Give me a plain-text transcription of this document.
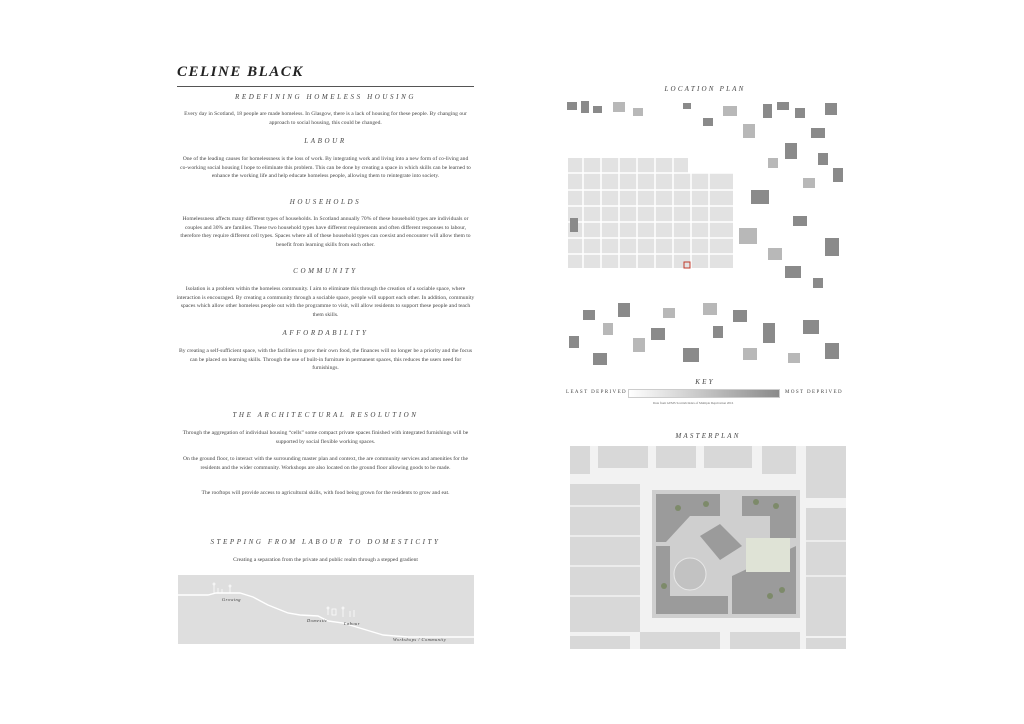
CELINE BLACK
REDEFINING HOMELESS HOUSING
Every day in Scotland, 18 people are made homeless. In Glasgow, there is a lack of housing for these people. By changing our approach to social housing, this could be changed.
LABOUR
One of the leading causes for homelessness is the loss of work. By integrating work and living into a new form of co-living and co-working social housing I hope to eliminate this problem. This can be done by creating a space in which skills can be learned to enhance the working life and help educate homeless people, allowing them to reintegrate into society.
HOUSEHOLDS
Homelessness affects many different types of households. In Scotland annually 70% of these household types are individuals or couples and 30% are families. These two household types have different requirements and often different responses to labour, therefore they require different cell types. Spaces where all of these household types can coexist and encounter will allow them to benefit from learning skills from each other.
COMMUNITY
Isolation is a problem within the homeless community. I aim to eliminate this through the creation of a sociable space, where interaction is encouraged. By creating a community through a sociable space, people will support each other. In addition, community spaces which allow other homeless people out with the programme to visit, will allow residents to support these people and teach them skills.
AFFORDABILITY
By creating a self-sufficient space, with the facilities to grow their own food, the finances will no longer be a priority and the focus can be placed on learning skills. Through the use of built-in furniture in permanent spaces, this reduces the users need for furnishings.
THE ARCHITECTURAL RESOLUTION
Through the aggregation of individual housing “cells” some compact private spaces finished with integrated furnishings will be supported by social flexible working spaces.
On the ground floor, to interact with the surrounding master plan and context, the are community services and amenities for the residents and the wider community. Workshops are also located on the ground floor allowing goods to be made.
The rooftops will provide access to agricultural skills, with food being grown for the residents to grow and eat.
STEPPING FROM LABOUR TO DOMESTICITY
Creating a separation from the private and public realm through a stepped gradient
Growing
Domestic
Labour
Workshops / Community
LOCATION PLAN
KEY
LEAST DEPRIVED	MOST DEPRIVED
Data from GEMS Scottish Index of Multiple Deprivation 2016
MASTERPLAN
